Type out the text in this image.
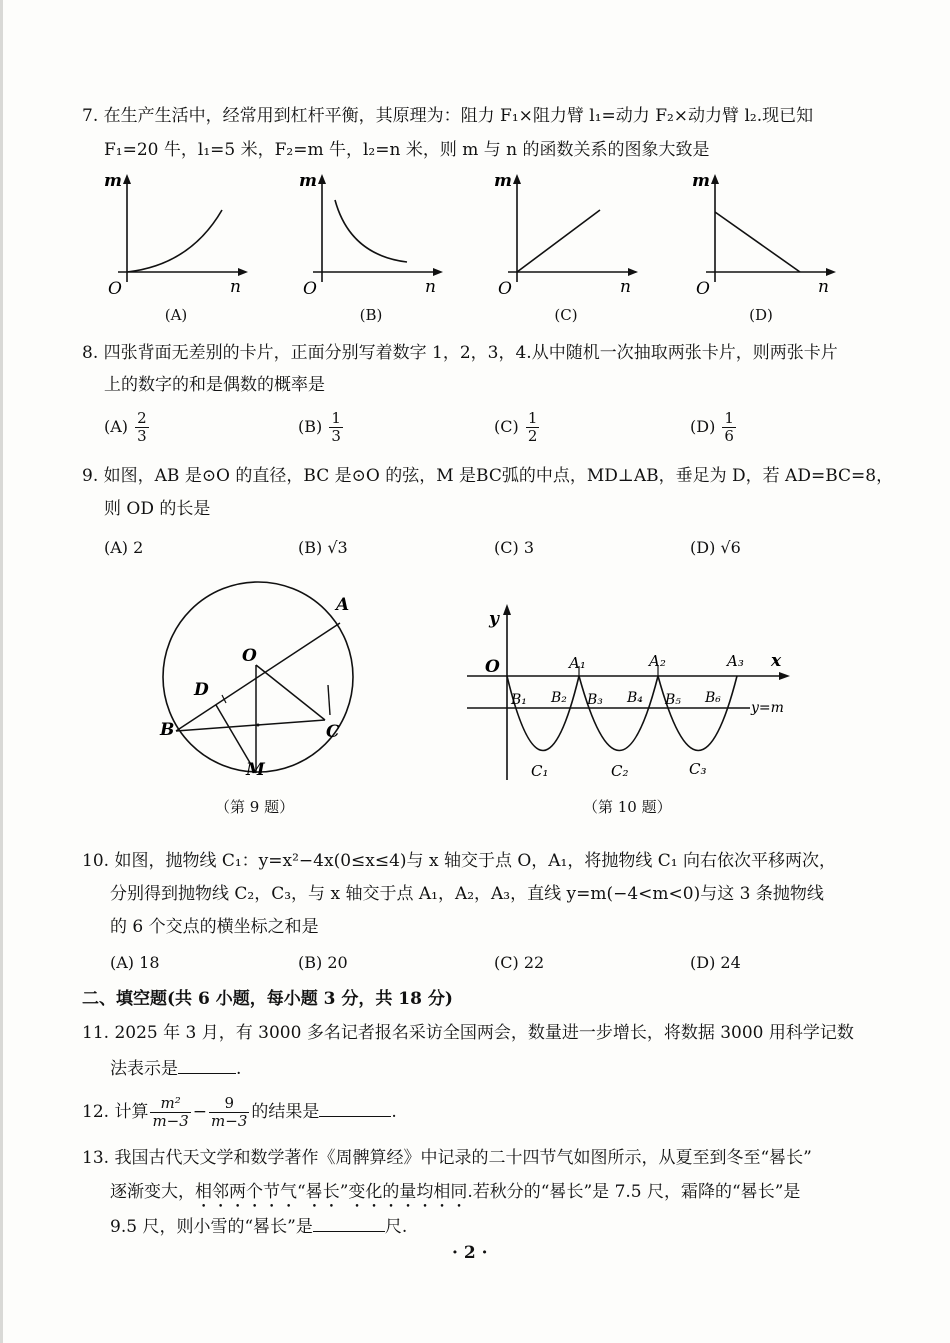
7. 在生产生活中，经常用到杠杆平衡，其原理为：阻力 F₁×阻力臂 l₁=动力 F₂×动力臂 l₂.现已知
F₁=20 牛，l₁=5 米，F₂=m 牛，l₂=n 米，则 m 与 n 的函数关系的图象大致是
m
O	n
(A)
m
O	n
(B)
m
O	n
(C)
m
O	n
(D)
8. 四张背面无差别的卡片，正面分别写着数字 1，2，3，4.从中随机一次抽取两张卡片，则两张卡片
上的数字的和是偶数的概率是
$(A) \frac{2}{3}$	$(B) \frac{1}{3}$	$(C) \frac{1}{2}$	$(D) \frac{1}{6}$
9. 如图，AB 是⊙O 的直径，BC 是⊙O 的弦，M 是BC弧的中点，MD⊥AB，垂足为 D，若 AD=BC=8，
则 OD 的长是
(A) 2	(B) √3	(C) 3	(D) √6
A
O
D
B	C
M
（第 9 题）
y
x
O	A₁	A₂	A₃
B₁ B₂ B₃ B₄ B₅ B₆
y=m
C₁	C₂	C₃
（第 10 题）
10. 如图，抛物线 C₁：y=x²−4x(0≤x≤4)与 x 轴交于点 O，A₁，将抛物线 C₁ 向右依次平移两次，
分别得到抛物线 C₂，C₃，与 x 轴交于点 A₁，A₂，A₃，直线 y=m(−4<m<0)与这 3 条抛物线
的 6 个交点的横坐标之和是
(A) 18	(B) 20	(C) 22	(D) 24
二、填空题(共 6 小题，每小题 3 分，共 18 分)
11. 2025 年 3 月，有 3000 多名记者报名采访全国两会，数量进一步增长，将数据 3000 用科学记数
法表示是	.
12. 计算 $\frac{\text{m²}}{m-3} - \frac{9}{m-3}$ 的结果是	.
13. 我国古代天文学和数学著作《周髀算经》中记录的二十四节气如图所示，从夏至到冬至“晷长”
逐渐变大，相邻两个节气“晷长”变化的量均相同.若秋分的“晷长”是 7.5 尺，霜降的“晷长”是
9.5 尺，则小雪的“晷长”是	尺.
· 2 ·
